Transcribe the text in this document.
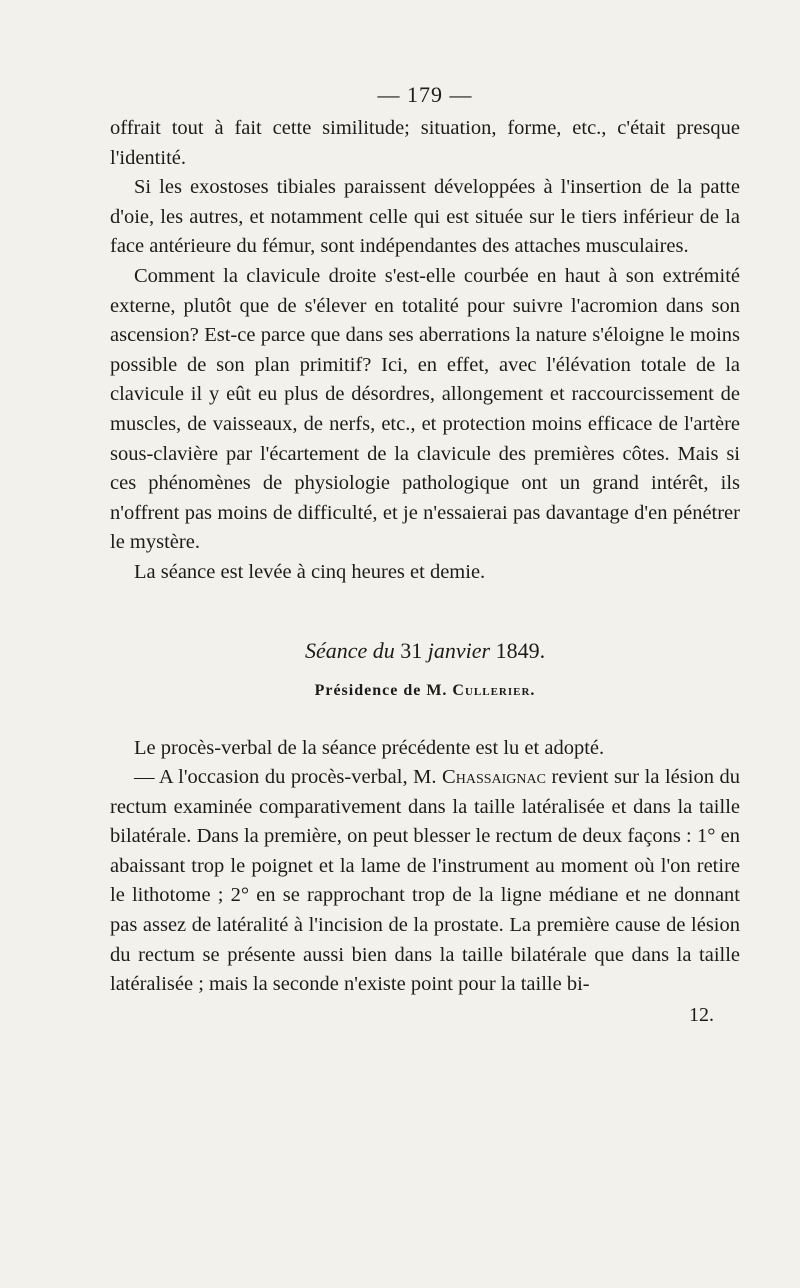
— 179 —

offrait tout à fait cette similitude; situation, forme, etc., c'était presque l'identité.

Si les exostoses tibiales paraissent développées à l'insertion de la patte d'oie, les autres, et notamment celle qui est située sur le tiers inférieur de la face antérieure du fémur, sont indépendantes des attaches musculaires.

Comment la clavicule droite s'est-elle courbée en haut à son extrémité externe, plutôt que de s'élever en totalité pour suivre l'acromion dans son ascension? Est-ce parce que dans ses aberrations la nature s'éloigne le moins possible de son plan primitif? Ici, en effet, avec l'élévation totale de la clavicule il y eût eu plus de désordres, allongement et raccourcissement de muscles, de vaisseaux, de nerfs, etc., et protection moins efficace de l'artère sous-clavière par l'écartement de la clavicule des premières côtes. Mais si ces phénomènes de physiologie pathologique ont un grand intérêt, ils n'offrent pas moins de difficulté, et je n'essaierai pas davantage d'en pénétrer le mystère.

La séance est levée à cinq heures et demie.

Séance du 31 janvier 1849.
Présidence de M. Cullerier.

Le procès-verbal de la séance précédente est lu et adopté.

— A l'occasion du procès-verbal, M. Chassaignac revient sur la lésion du rectum examinée comparativement dans la taille latéralisée et dans la taille bilatérale. Dans la première, on peut blesser le rectum de deux façons : 1° en abaissant trop le poignet et la lame de l'instrument au moment où l'on retire le lithotome ; 2° en se rapprochant trop de la ligne médiane et ne donnant pas assez de latéralité à l'incision de la prostate. La première cause de lésion du rectum se présente aussi bien dans la taille bilatérale que dans la taille latéralisée ; mais la seconde n'existe point pour la taille bi-

12.
